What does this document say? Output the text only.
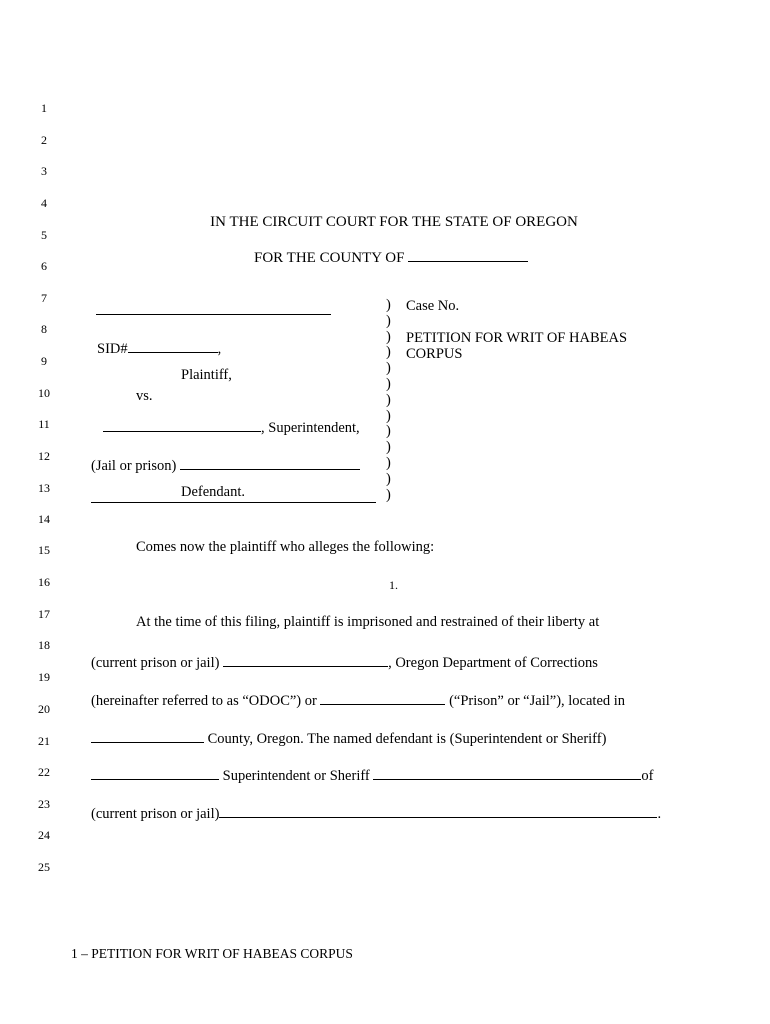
1
2
3
4
5
6
7
8
9
10
11
12
13
14
15
16
17
18
19
20
21
22
23
24
25
IN THE CIRCUIT COURT FOR THE STATE OF OREGON
FOR THE COUNTY OF
SID#	,
Plaintiff,
vs.
, Superintendent,
(Jail or prison)
Defendant.
)
)
)
)
)
)
)
)
)
)
)
)
)
Case No.
PETITION FOR WRIT OF HABEAS
CORPUS
Comes now the plaintiff who alleges the following:
1.
At the time of this filing, plaintiff is imprisoned and restrained of their liberty at
(current prison or jail)	, Oregon Department of Corrections
(hereinafter referred to as “ODOC”) or	(“Prison” or “Jail”), located in
County, Oregon. The named defendant is (Superintendent or Sheriff)
Superintendent or Sheriff	of
(current prison or jail)	.
1 – PETITION FOR WRIT OF HABEAS CORPUS
